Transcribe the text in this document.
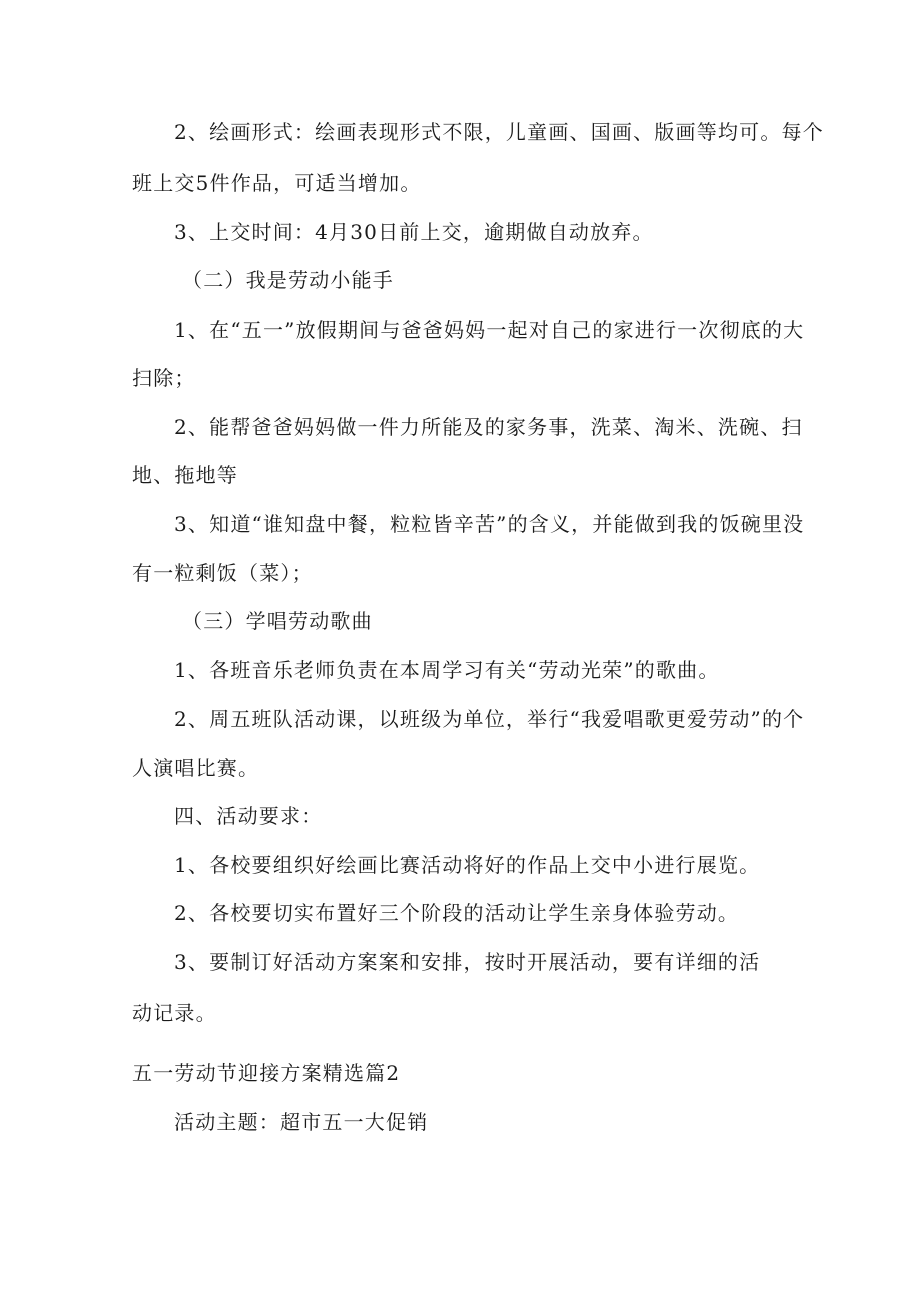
2、绘画形式：绘画表现形式不限，儿童画、国画、版画等均可。每个
班上交5件作品，可适当增加。
3、上交时间：4月30日前上交，逾期做自动放弃。
（二）我是劳动小能手
1、在“五一”放假期间与爸爸妈妈一起对自己的家进行一次彻底的大
扫除；
2、能帮爸爸妈妈做一件力所能及的家务事，洗菜、淘米、洗碗、扫
地、拖地等
3、知道“谁知盘中餐，粒粒皆辛苦”的含义，并能做到我的饭碗里没
有一粒剩饭（菜）；
（三）学唱劳动歌曲
1、各班音乐老师负责在本周学习有关“劳动光荣”的歌曲。
2、周五班队活动课，以班级为单位，举行“我爱唱歌更爱劳动”的个
人演唱比赛。
四、活动要求：
1、各校要组织好绘画比赛活动将好的作品上交中小进行展览。
2、各校要切实布置好三个阶段的活动让学生亲身体验劳动。
3、要制订好活动方案案和安排，按时开展活动，要有详细的活
动记录。
五一劳动节迎接方案精选篇2
活动主题：超市五一大促销
